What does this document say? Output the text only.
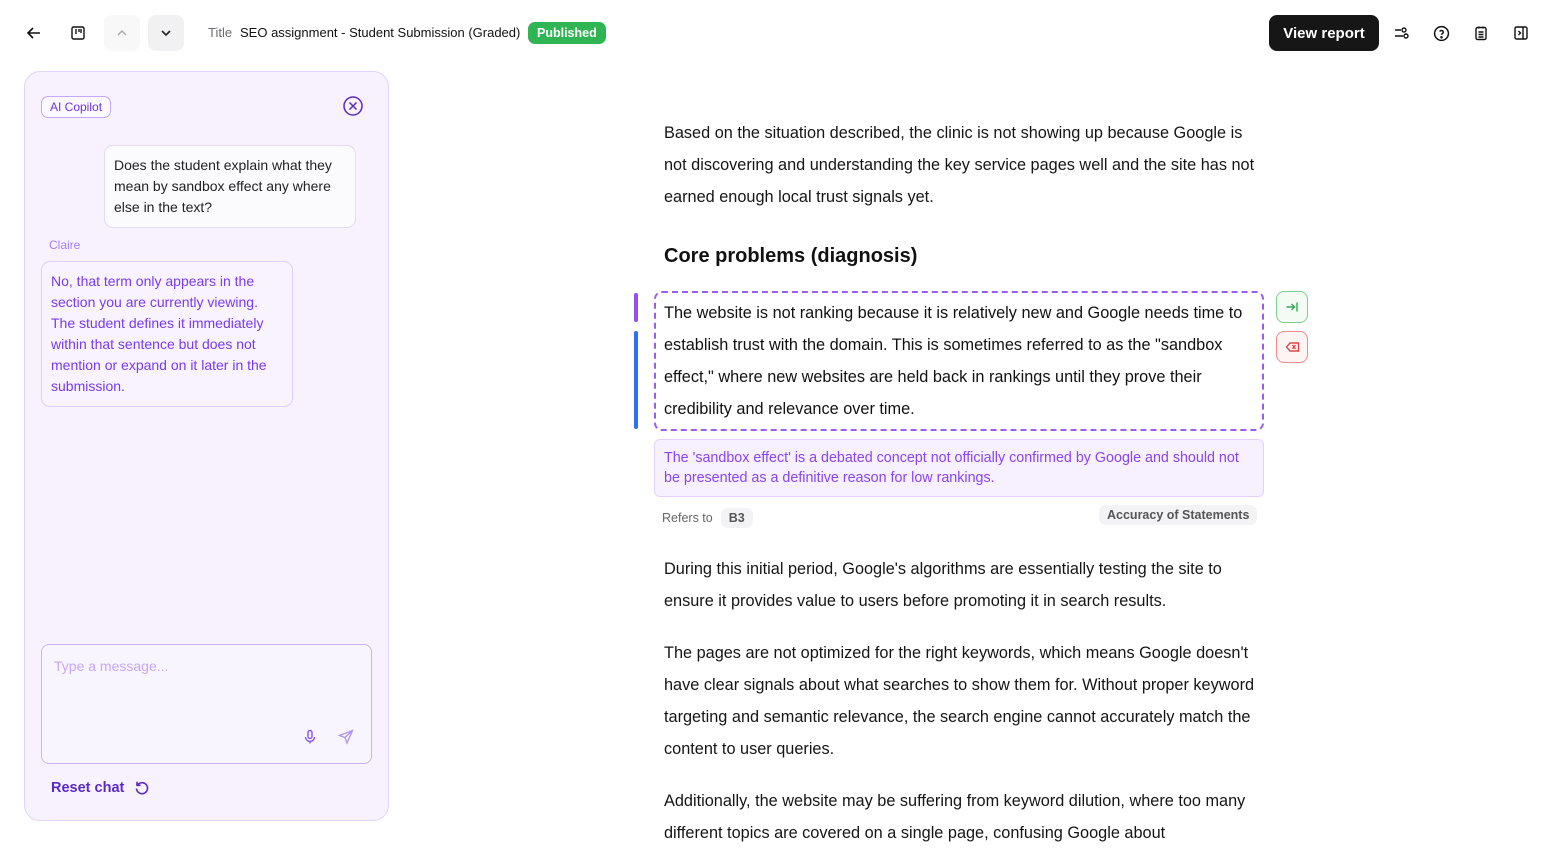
Title SEO assignment - Student Submission (Graded)	Published	View report
AI Copilot
Does the student explain what they mean by sandbox effect any where else in the text?
Claire
No, that term only appears in the section you are currently viewing. The student defines it immediately within that sentence but does not mention or expand on it later in the submission.
Type a message...
Reset chat
Based on the situation described, the clinic is not showing up because Google is not discovering and understanding the key service pages well and the site has not earned enough local trust signals yet.
Core problems (diagnosis)
The website is not ranking because it is relatively new and Google needs time to establish trust with the domain. This is sometimes referred to as the "sandbox effect," where new websites are held back in rankings until they prove their credibility and relevance over time.
The 'sandbox effect' is a debated concept not officially confirmed by Google and should not be presented as a definitive reason for low rankings.
Refers to	B3	Accuracy of Statements
During this initial period, Google's algorithms are essentially testing the site to ensure it provides value to users before promoting it in search results.
The pages are not optimized for the right keywords, which means Google doesn't have clear signals about what searches to show them for. Without proper keyword targeting and semantic relevance, the search engine cannot accurately match the content to user queries.
Additionally, the website may be suffering from keyword dilution, where too many different topics are covered on a single page, confusing Google about
